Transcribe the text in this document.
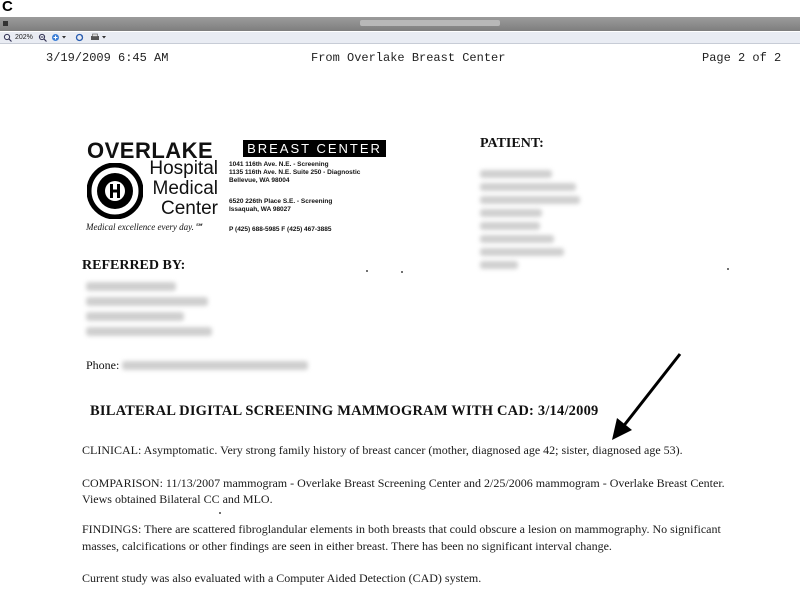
C
202%
3/19/2009 6:45 AM	From Overlake Breast Center	Page 2 of 2
OVERLAKE
Hospital
Medical
Center
Medical excellence every day.℠
BREAST CENTER
1041 116th Ave. N.E. - Screening
1135 116th Ave. N.E. Suite 250 - Diagnostic
Bellevue, WA 98004
6520 226th Place S.E. - Screening
Issaquah, WA 98027
P (425) 688-5985 F (425) 467-3885
PATIENT:
REFERRED BY:
Phone:
BILATERAL DIGITAL SCREENING MAMMOGRAM WITH CAD: 3/14/2009
CLINICAL: Asymptomatic. Very strong family history of breast cancer (mother, diagnosed age 42; sister, diagnosed age 53).
COMPARISON: 11/13/2007 mammogram - Overlake Breast Screening Center and 2/25/2006 mammogram - Overlake Breast Center.
Views obtained Bilateral CC and MLO.
FINDINGS: There are scattered fibroglandular elements in both breasts that could obscure a lesion on mammography. No significant
masses, calcifications or other findings are seen in either breast. There has been no significant interval change.
Current study was also evaluated with a Computer Aided Detection (CAD) system.
